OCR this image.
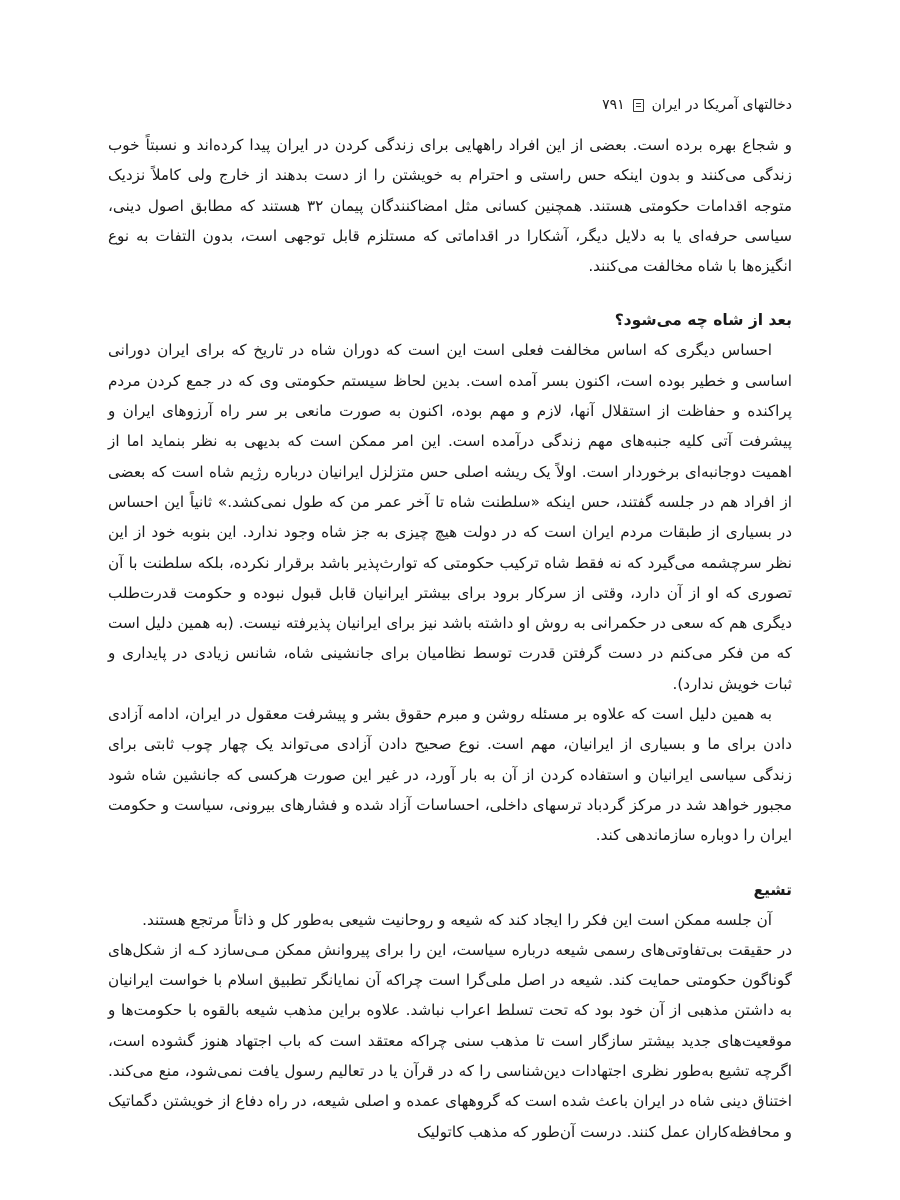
دخالتهای آمریکا در ایران
۷۹۱

و شجاع بهره برده است. بعضی از این افراد راههایی برای زندگی کردن در ایران پیدا کرده‌اند و نسبتاً خوب زندگی می‌کنند و بدون اینکه حس راستی و احترام به خویشتن را از دست بدهند از خارج ولی کاملاً نزدیک متوجه اقدامات حکومتی هستند. همچنین کسانی مثل امضاکنندگان پیمان ۳۲ هستند که مطابق اصول دینی، سیاسی حرفه‌ای یا به دلایل دیگر، آشکارا در اقداماتی که مستلزم قابل توجهی است، بدون التفات به نوع انگیزه‌ها با شاه مخالفت می‌کنند.

بعد از شاه چه می‌شود؟

احساس دیگری که اساس مخالفت فعلی است این است که دوران شاه در تاریخ که برای ایران دورانی اساسی و خطیر بوده است، اکنون بسر آمده است. بدین لحاظ سیستم حکومتی وی که در جمع کردن مردم پراکنده و حفاظت از استقلال آنها، لازم و مهم بوده، اکنون به صورت مانعی بر سر راه آرزوهای ایران و پیشرفت آتی کلیه جنبه‌های مهم زندگی درآمده است. این امر ممکن است که بدیهی به نظر بنماید اما از اهمیت دوجانبه‌ای برخوردار است. اولاً یک ریشه اصلی حس متزلزل ایرانیان درباره رژیم شاه است که بعضی از افراد هم در جلسه گفتند، حس اینکه «سلطنت شاه تا آخر عمر من که طول نمی‌کشد.» ثانیاً این احساس در بسیاری از طبقات مردم ایران است که در دولت هیچ چیزی به جز شاه وجود ندارد. این بنوبه خود از این نظر سرچشمه می‌گیرد که نه فقط شاه ترکیب حکومتی که توارث‌پذیر باشد برقرار نکرده، بلکه سلطنت با آن تصوری که او از آن دارد، وقتی از سرکار برود برای بیشتر ایرانیان قابل قبول نبوده و حکومت قدرت‌طلب دیگری هم که سعی در حکمرانی به روش او داشته باشد نیز برای ایرانیان پذیرفته نیست. (به همین دلیل است که من فکر می‌کنم در دست گرفتن قدرت توسط نظامیان برای جانشینی شاه، شانس زیادی در پایداری و ثبات خویش ندارد).

به همین دلیل است که علاوه بر مسئله روشن و مبرم حقوق بشر و پیشرفت معقول در ایران، ادامه آزادی دادن برای ما و بسیاری از ایرانیان، مهم است. نوع صحیح دادن آزادی می‌تواند یک چهار چوب ثابتی برای زندگی سیاسی ایرانیان و استفاده کردن از آن به بار آورد، در غیر این صورت هرکسی که جانشین شاه شود مجبور خواهد شد در مرکز گردباد ترسهای داخلی، احساسات آزاد شده و فشارهای بیرونی، سیاست و حکومت ایران را دوباره سازماندهی کند.

تشیع

آن جلسه ممکن است این فکر را ایجاد کند که شیعه و روحانیت شیعی به‌طور کل و ذاتاً مرتجع هستند.

در حقیقت بی‌تفاوتی‌های رسمی شیعه درباره سیاست، این را برای پیروانش ممکن مـی‌سازد کـه از شکل‌های گوناگون حکومتی حمایت کند. شیعه در اصل ملی‌گرا است چراکه آن نمایانگر تطبیق اسلام با خواست ایرانیان به داشتن مذهبی از آن خود بود که تحت تسلط اعراب نباشد. علاوه براین مذهب شیعه بالقوه با حکومت‌ها و موقعیت‌های جدید بیشتر سازگار است تا مذهب سنی چراکه معتقد است که باب اجتهاد هنوز گشوده است، اگرچه تشیع به‌طور نظری اجتهادات دین‌شناسی را که در قرآن یا در تعالیم رسول یافت نمی‌شود، منع می‌کند. اختناق دینی شاه در ایران باعث شده است که گروههای عمده و اصلی شیعه، در راه دفاع از خویشتن دگماتیک و محافظه‌کاران عمل کنند. درست آن‌طور که مذهب کاتولیک
